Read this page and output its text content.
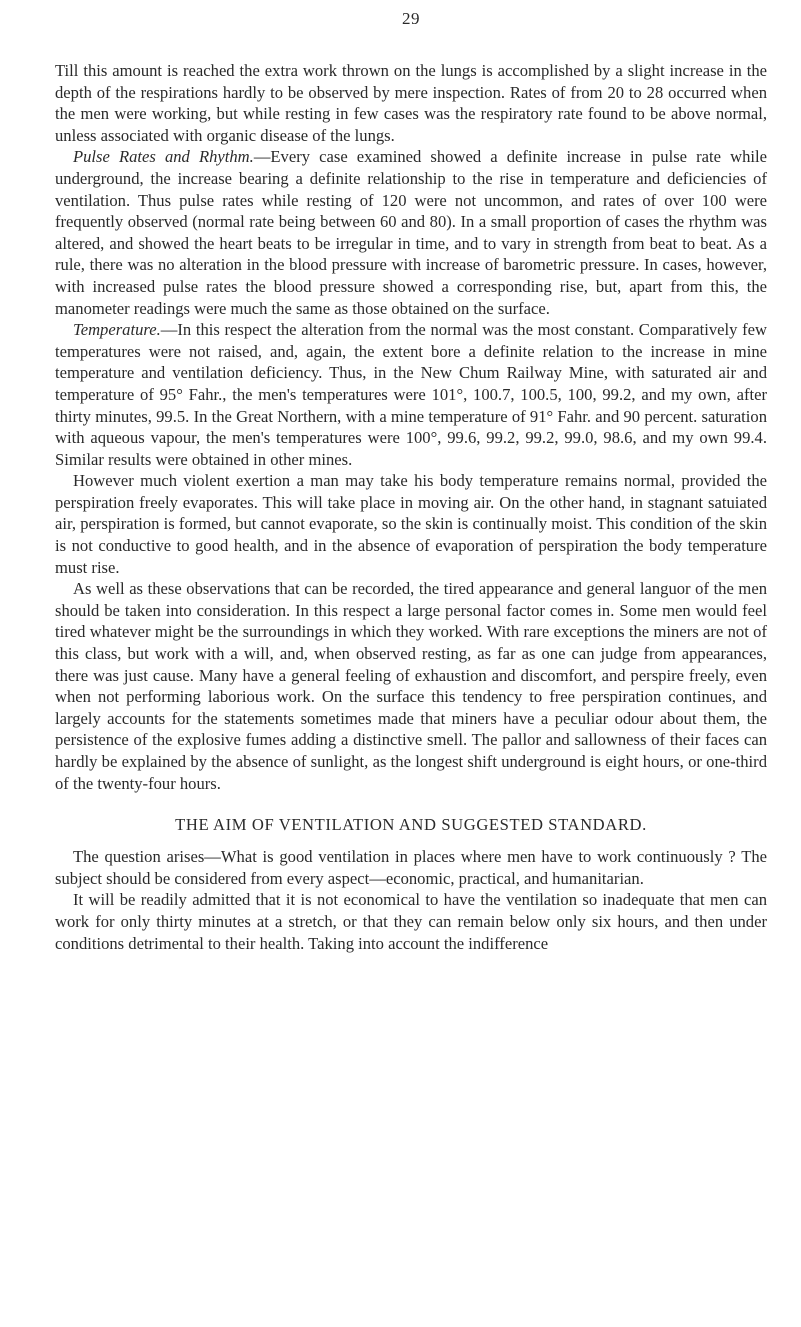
29

Till this amount is reached the extra work thrown on the lungs is accomplished by a slight increase in the depth of the respirations hardly to be observed by mere inspection. Rates of from 20 to 28 occurred when the men were working, but while resting in few cases was the respiratory rate found to be above normal, unless associated with organic disease of the lungs.

Pulse Rates and Rhythm.—Every case examined showed a definite increase in pulse rate while underground, the increase bearing a definite relationship to the rise in temperature and deficiencies of ventilation. Thus pulse rates while resting of 120 were not uncommon, and rates of over 100 were frequently observed (normal rate being between 60 and 80). In a small proportion of cases the rhythm was altered, and showed the heart beats to be irregular in time, and to vary in strength from beat to beat. As a rule, there was no alteration in the blood pressure with increase of barometric pressure. In cases, however, with increased pulse rates the blood pressure showed a corresponding rise, but, apart from this, the manometer readings were much the same as those obtained on the surface.

Temperature.—In this respect the alteration from the normal was the most constant. Comparatively few temperatures were not raised, and, again, the extent bore a definite relation to the increase in mine temperature and ventilation deficiency. Thus, in the New Chum Railway Mine, with saturated air and temperature of 95° Fahr., the men's temperatures were 101°, 100.7, 100.5, 100, 99.2, and my own, after thirty minutes, 99.5. In the Great Northern, with a mine temperature of 91° Fahr. and 90 percent. saturation with aqueous vapour, the men's temperatures were 100°, 99.6, 99.2, 99.2, 99.0, 98.6, and my own 99.4. Similar results were obtained in other mines.

However much violent exertion a man may take his body temperature remains normal, provided the perspiration freely evaporates. This will take place in moving air. On the other hand, in stagnant satuiated air, perspiration is formed, but cannot evaporate, so the skin is continually moist. This condition of the skin is not conductive to good health, and in the absence of evaporation of perspiration the body temperature must rise.

As well as these observations that can be recorded, the tired appearance and general languor of the men should be taken into consideration. In this respect a large personal factor comes in. Some men would feel tired whatever might be the surroundings in which they worked. With rare exceptions the miners are not of this class, but work with a will, and, when observed resting, as far as one can judge from appearances, there was just cause. Many have a general feeling of exhaustion and discomfort, and perspire freely, even when not performing laborious work. On the surface this tendency to free perspiration continues, and largely accounts for the statements sometimes made that miners have a peculiar odour about them, the persistence of the explosive fumes adding a distinctive smell. The pallor and sallowness of their faces can hardly be explained by the absence of sunlight, as the longest shift underground is eight hours, or one-third of the twenty-four hours.

THE AIM OF VENTILATION AND SUGGESTED STANDARD.

The question arises—What is good ventilation in places where men have to work continuously ? The subject should be considered from every aspect—economic, practical, and humanitarian.

It will be readily admitted that it is not economical to have the ventilation so inadequate that men can work for only thirty minutes at a stretch, or that they can remain below only six hours, and then under conditions detrimental to their health. Taking into account the indifference
